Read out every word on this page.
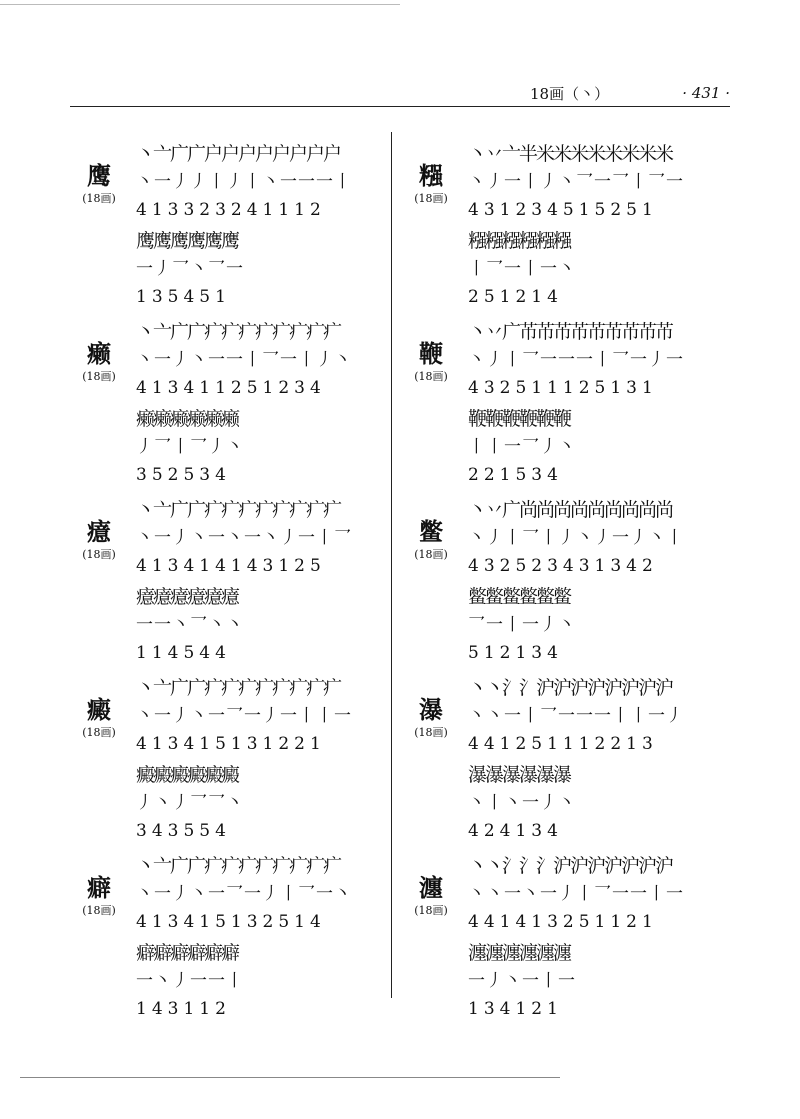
18画（丶）	· 431 ·
鹰
(18画)
丶亠广广户户户户户户户户
丶一丿丿丨丿丨丶一一一丨
413323241112
鹰鹰鹰鹰鹰鹰
一丿乛丶乛一
135451
癞
(18画)
丶亠广广疒疒疒疒疒疒疒疒
丶一丿丶一一丨乛一丨丿丶
413411251234
癞癞癞癞癞癞
丿乛丨乛丿丶
352534
癔
(18画)
丶亠广广疒疒疒疒疒疒疒疒
丶一丿丶一丶一丶丿一丨乛
413414143125
癔癔癔癔癔癔
一一丶乛丶丶
114544
癜
(18画)
丶亠广广疒疒疒疒疒疒疒疒
丶一丿丶一乛一丿一丨丨一
413415131221
癜癜癜癜癜癜
丿丶丿乛乛丶
343554
癖
(18画)
丶亠广广疒疒疒疒疒疒疒疒
丶一丿丶一乛一丿丨乛一丶
413415132514
癖癖癖癖癖癖
一丶丿一一丨
143112
糨
(18画)
丶丷亠半米米米米米米米米
丶丿一丨丿丶乛一乛丨乛一
431234515251
糨糨糨糨糨糨
丨乛一丨一丶
251214
鞭
(18画)
丶丷广芇芇芇芇芇芇芇芇芇
丶丿丨乛一一一丨乛一丿一
432511125131
鞭鞭鞭鞭鞭鞭
丨丨一乛丿丶
221534
鳖
(18画)
丶丷广尚尚尚尚尚尚尚尚尚
丶丿丨乛丨丿丶丿一丿丶丨
432523431342
鳖鳖鳖鳖鳖鳖
乛一丨一丿丶
512134
瀑
(18画)
丶丶氵氵沪沪沪沪沪沪沪沪
丶丶一丨乛一一一丨丨一丿
441251112213
瀑瀑瀑瀑瀑瀑
丶丨丶一丿丶
424134
瀍
(18画)
丶丶氵氵氵沪沪沪沪沪沪沪
丶丶一丶一丿丨乛一一丨一
441413251121
瀍瀍瀍瀍瀍瀍
一丿丶一丨一
134121
